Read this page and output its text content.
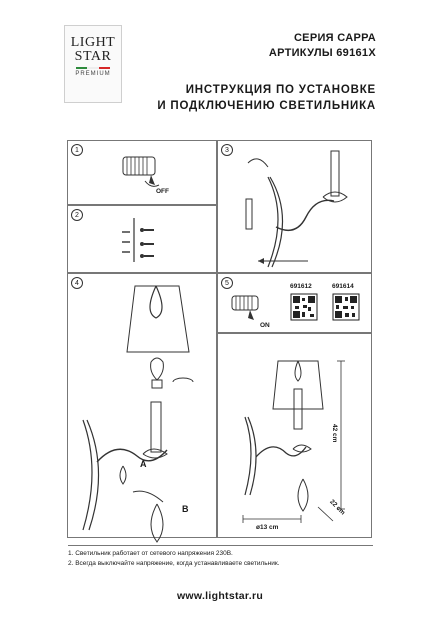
LIGHT
STAR
PREMIUM
СЕРИЯ САРРА
АРТИКУЛЫ 69161X
ИНСТРУКЦИЯ ПО УСТАНОВКЕ
И ПОДКЛЮЧЕНИЮ СВЕТИЛЬНИКА
1
OFF
2
3
4
A
B
5
ON
691612	691614
42 cm
22 cm
ø13 cm
1. Светильник работает от сетевого напряжения 230В.
2. Всегда выключайте напряжение, когда устанавливаете светильник.
www.lightstar.ru
